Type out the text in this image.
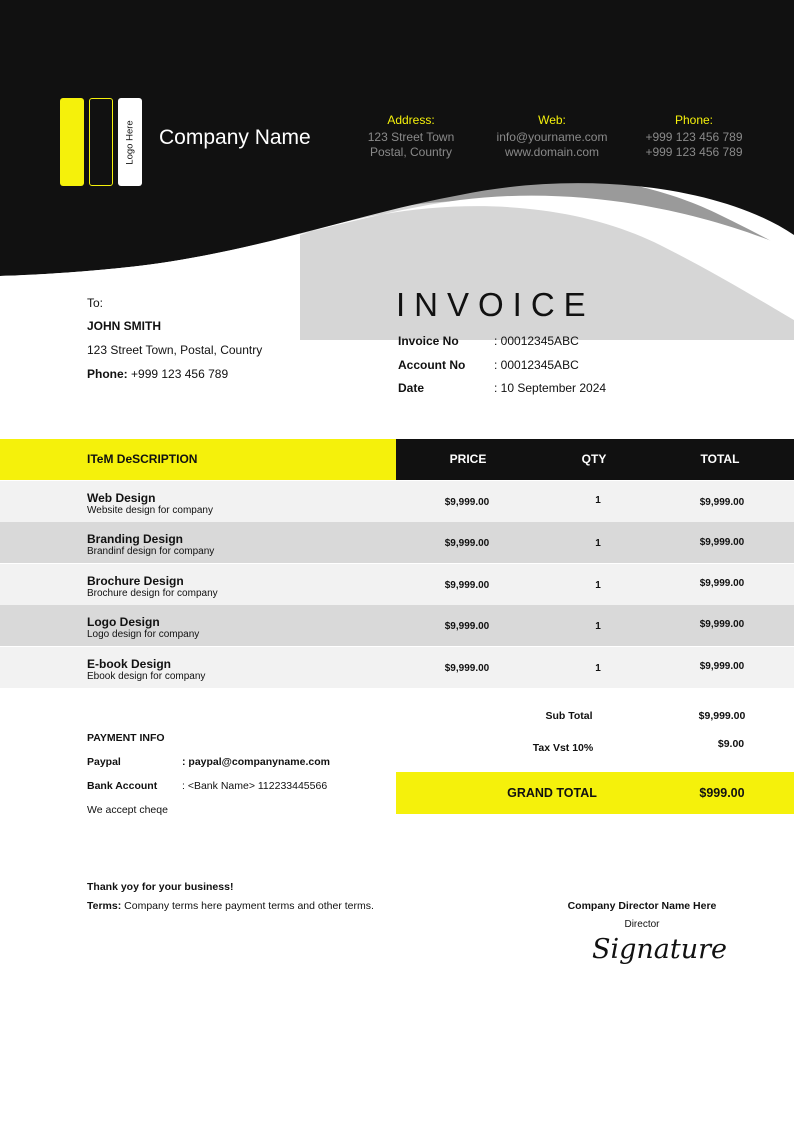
Logo Here Company Name
Address:
123 Street Town
Postal, Country
Web:
info@yourname.com
www.domain.com
Phone:
+999 123 456 789
+999 123 456 789
To:
JOHN SMITH
123 Street Town, Postal, Country
Phone: +999 123 456 789
INVOICE
Invoice No	: 00012345ABC
Account No : 00012345ABC
Date	: 10 September 2024
ITeM DeSCRIPTION	PRICE	QTY	TOTAL
Web Design
Website design for company
$9,999.00	1	$9,999.00
Branding Design
Brandinf design for company
$9,999.00	1	$9,999.00
Brochure Design
Brochure design for company
$9,999.00	1	$9,999.00
Logo Design
Logo design for company
$9,999.00	1	$9,999.00
E-book Design
Ebook design for company
$9,999.00	1	$9,999.00
Sub Total	$9,999.00
Tax Vst 10%	$9.00
GRAND TOTAL	$999.00
PAYMENT INFO
Paypal	: paypal@companyname.com
Bank Account : <Bank Name> 112233445566
We accept cheqe
Thank yoy for your business!
Terms: Company terms here payment terms and other terms.	Company Director Name Here
Director
Signature
